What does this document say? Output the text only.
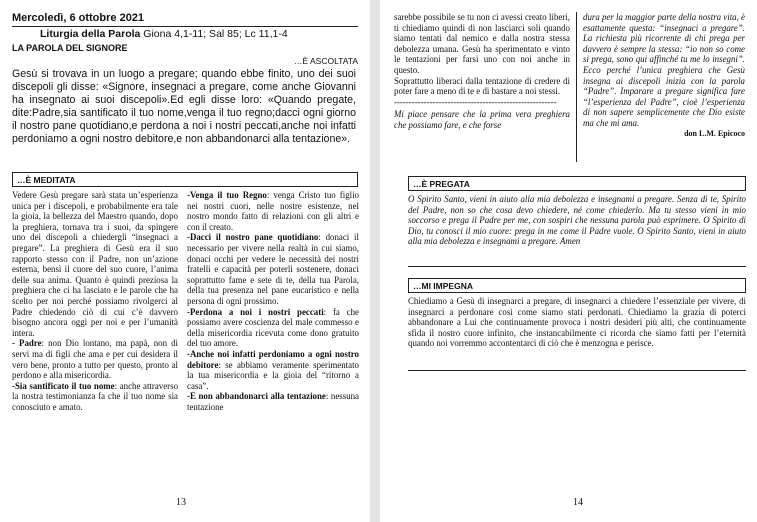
Mercoledì, 6 ottobre 2021
Liturgia della Parola Giona 4,1-11; Sal 85; Lc 11,1-4
LA PAROLA DEL SIGNORE
…È ASCOLTATA
Gesù si trovava in un luogo a pregare; quando ebbe finito, uno dei suoi discepoli gli disse: «Signore, insegnaci a pregare, come anche Giovanni ha insegnato ai suoi discepoli».Ed egli disse loro: «Quando pregate, dite:Padre,sia santificato il tuo nome,venga il tuo regno;dacci ogni giorno il nostro pane quotidiano,e perdona a noi i nostri peccati,anche noi infatti perdoniamo a ogni nostro debitore,e non abbandonarci alla tentazione».
…È MEDITATA

Vedere Gesù pregare sarà stata un’esperienza unica per i discepoli, e probabilmente era tale la gioia, la bellezza del Maestro quando, dopo la preghiera, tornava tra i suoi, da spingere uno dei discepoli a chiedergli “insegnaci a pregare”. La preghiera di Gesù era il suo rapporto stesso con il Padre, non un’azione esterna, bensì il cuore del suo cuore, l’anima delle sua anima. Quanto è quindi preziosa la preghiera che ci ha lasciato e le parole che ha scelto per noi perché possiamo rivolgerci al Padre chiedendo ciò di cui c’è davvero bisogno ancora oggi per noi e per l’umanità intera.

- Padre: non Dio lontano, ma papà, non di servi ma di figli che ama e per cui desidera il vero bene, pronto a tutto per questo, pronto al perdono e alla misericordia.

-Sia santificato il tuo nome: anche attraverso la nostra testimonianza fa che il tuo nome sia conosciuto e amato.

-Venga il tuo Regno: venga Cristo tuo figlio nei nostri cuori, nelle nostre esistenze, nel nostro mondo fatto di relazioni con gli altri e con il creato.

-Dacci il nostro pane quotidiano: donaci il necessario per vivere nella realtà in cui siamo, donaci occhi per vedere le necessità dei nostri fratelli e capacità per poterli sostenere, donaci soprattutto fame e sete di te, della tua Parola, della tua presenza nel pane eucaristico e nella persona di ogni prossimo.

-Perdona a noi i nostri peccati: fa che possiamo avere coscienza del male commesso e della misericordia ricevuta come dono gratuito del tuo amore.

-Anche noi infatti perdoniamo a ogni nostro debitore: se abbiamo veramente sperimentato la tua misericordia e la gioia del “ritorno a casa”.

-E non abbandonarci alla tentazione: nessuna tentazione

13

sarebbe possibile se tu non ci avessi creato liberi, ti chiediamo quindi di non lasciarci soli quando siamo tentati dal nemico e dalla nostra stessa debolezza umana. Gesù ha sperimentato e vinto le tentazioni per farsi uno con noi anche in questo.

Soprattutto liberaci dalla tentazione di credere di poter fare a meno di te e di bastare a noi stessi.

-------------------------------------------------------

Mi piace pensare che la prima vera preghiera che possiamo fare, e che forse

dura per la maggior parte della nostra vita, è esattamente questa: “insegnaci a pregare”. La richiesta più ricorrente di chi prega per davvero è sempre la stessa: “io non so come si prega, sono qui affinché tu me lo insegni”. Ecco perché l’unica preghiera che Gesù insegna ai discepoli inizia con la parola “Padre”. Imparare a pregare significa fare “l’esperienza del Padre”, cioè l’esperienza di non sapere semplicemente che Dio esiste ma che mi ama.

don L.M. Epicoco

…È PREGATA
O Spirito Santo, vieni in aiuto alla mia debolezza e insegnami a pregare. Senza di te, Spirito del Padre, non so che cosa devo chiedere, né come chiederlo. Ma tu stesso vieni in mio soccorso e prega il Padre per me, con sospiri che nessuna parola può esprimere. O Spirito di Dio, tu conosci il mio cuore: prega in me come il Padre vuole. O Spirito Santo, vieni in aiuto alla mia debolezza e insegnami a pregare. Amen
…MI IMPEGNA
Chiediamo a Gesù di insegnarci a pregare, di insegnarci a chiedere l’essenziale per vivere, di insegnarci a perdonare così come siamo stati perdonati. Chiediamo la grazia di poterci abbandonare a Lui che continuamente provoca i nostri desideri più alti, che continuamente sfida il nostro cuore infinito, che instancabilmente ci ricorda che siamo fatti per l’eternità quando noi vorremmo accontentarci di ciò che è menzogna e perisce.
14
